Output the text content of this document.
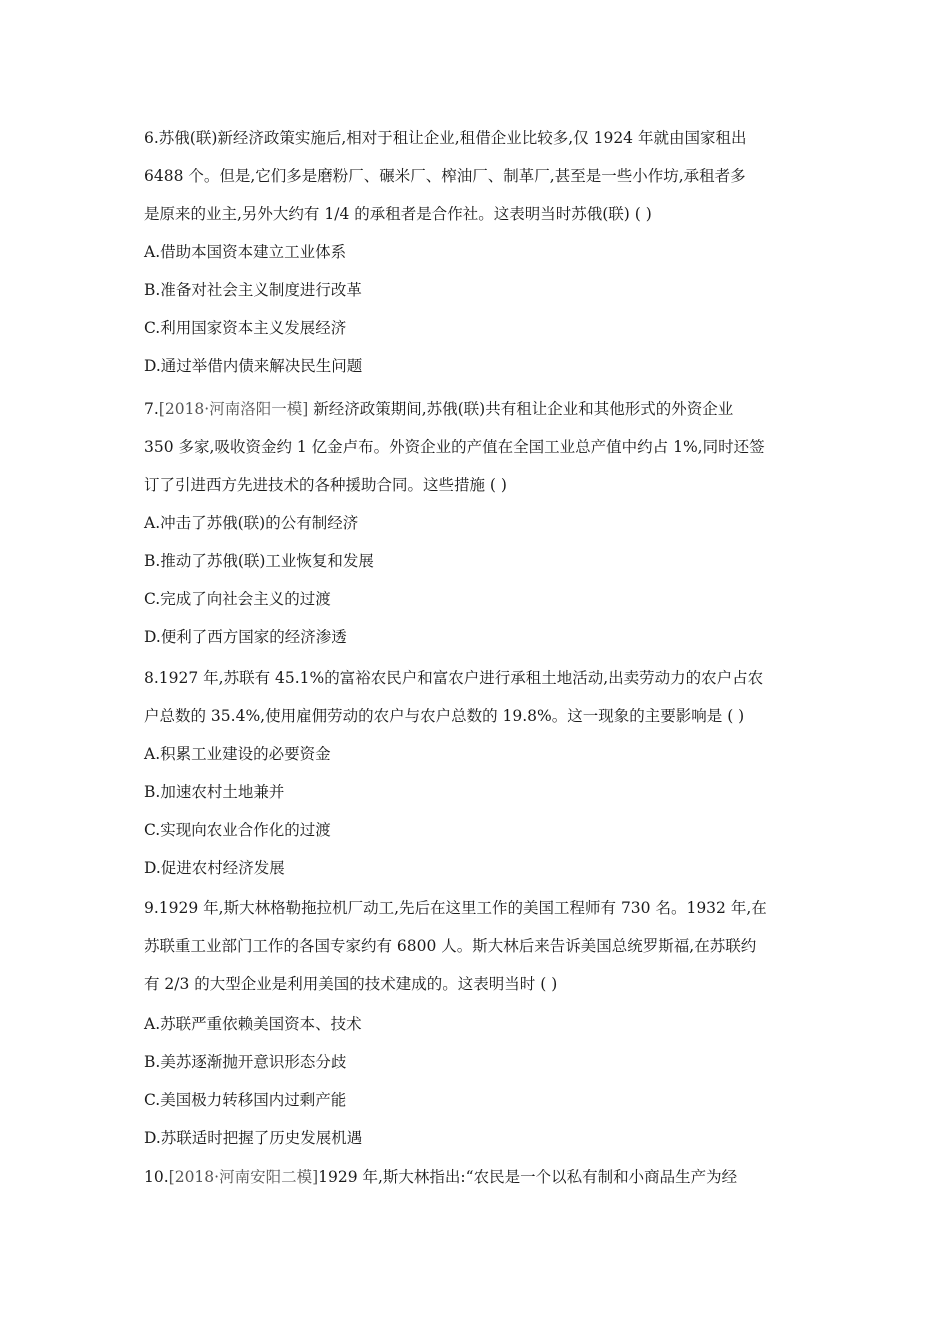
6.苏俄(联)新经济政策实施后,相对于租让企业,租借企业比较多,仅 1924 年就由国家租出
6488 个。但是,它们多是磨粉厂、碾米厂、榨油厂、制革厂,甚至是一些小作坊,承租者多
是原来的业主,另外大约有 1/4 的承租者是合作社。这表明当时苏俄(联) ( )
A.借助本国资本建立工业体系
B.准备对社会主义制度进行改革
C.利用国家资本主义发展经济
D.通过举借内债来解决民生问题
7.[2018·河南洛阳一模] 新经济政策期间,苏俄(联)共有租让企业和其他形式的外资企业
350 多家,吸收资金约 1 亿金卢布。外资企业的产值在全国工业总产值中约占 1%,同时还签
订了引进西方先进技术的各种援助合同。这些措施 ( )
A.冲击了苏俄(联)的公有制经济
B.推动了苏俄(联)工业恢复和发展
C.完成了向社会主义的过渡
D.便利了西方国家的经济渗透
8.1927 年,苏联有 45.1%的富裕农民户和富农户进行承租土地活动,出卖劳动力的农户占农
户总数的 35.4%,使用雇佣劳动的农户与农户总数的 19.8%。这一现象的主要影响是 ( )
A.积累工业建设的必要资金
B.加速农村土地兼并
C.实现向农业合作化的过渡
D.促进农村经济发展
9.1929 年,斯大林格勒拖拉机厂动工,先后在这里工作的美国工程师有 730 名。1932 年,在
苏联重工业部门工作的各国专家约有 6800 人。斯大林后来告诉美国总统罗斯福,在苏联约
有 2/3 的大型企业是利用美国的技术建成的。这表明当时 ( )
A.苏联严重依赖美国资本、技术
B.美苏逐渐抛开意识形态分歧
C.美国极力转移国内过剩产能
D.苏联适时把握了历史发展机遇
10.[2018·河南安阳二模]1929 年,斯大林指出:“农民是一个以私有制和小商品生产为经
